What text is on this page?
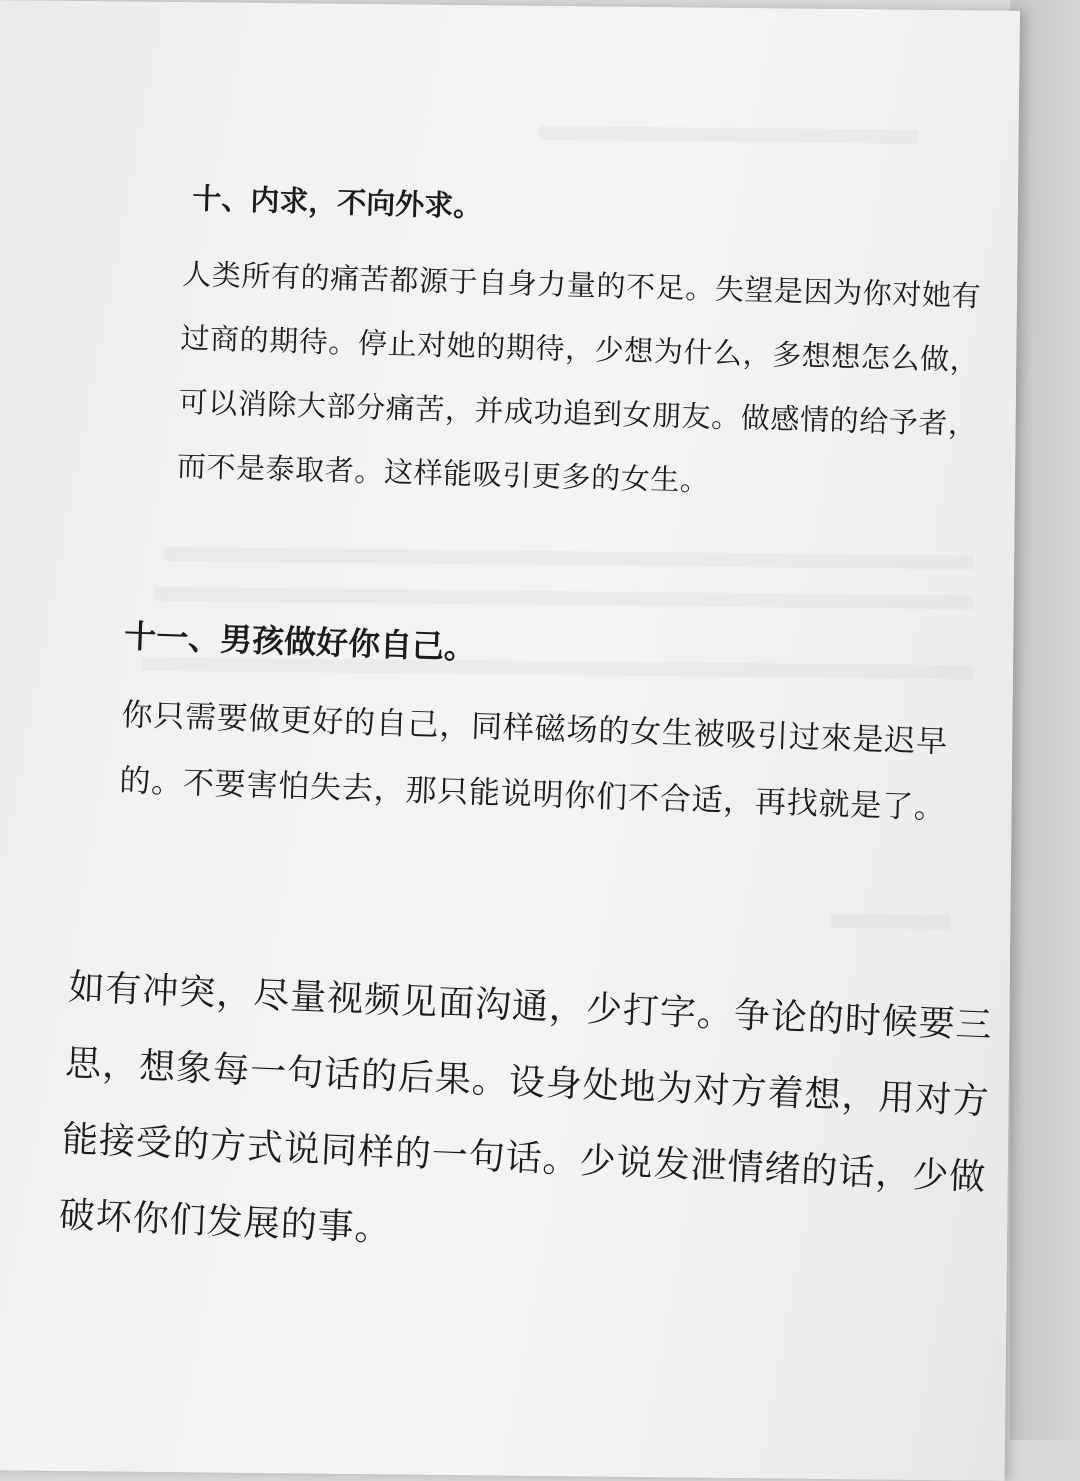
十、内求，不向外求。

人类所有的痛苦都源于自身力量的不足。失望是因为你对她有过商的期待。停止对她的期待，少想为什么，多想想怎么做，可以消除大部分痛苦，并成功追到女朋友。做感情的给予者，而不是泰取者。这样能吸引更多的女生。

十一、男孩做好你自己。

你只需要做更好的自己，同样磁场的女生被吸引过來是迟早的。不要害怕失去，那只能说明你们不合适，再找就是了。

如有冲突，尽量视频见面沟通，少打字。争论的时候要三思，想象每一句话的后果。设身处地为对方着想，用对方能接受的方式说同样的一句话。少说发泄情绪的话，少做破坏你们发展的事。
